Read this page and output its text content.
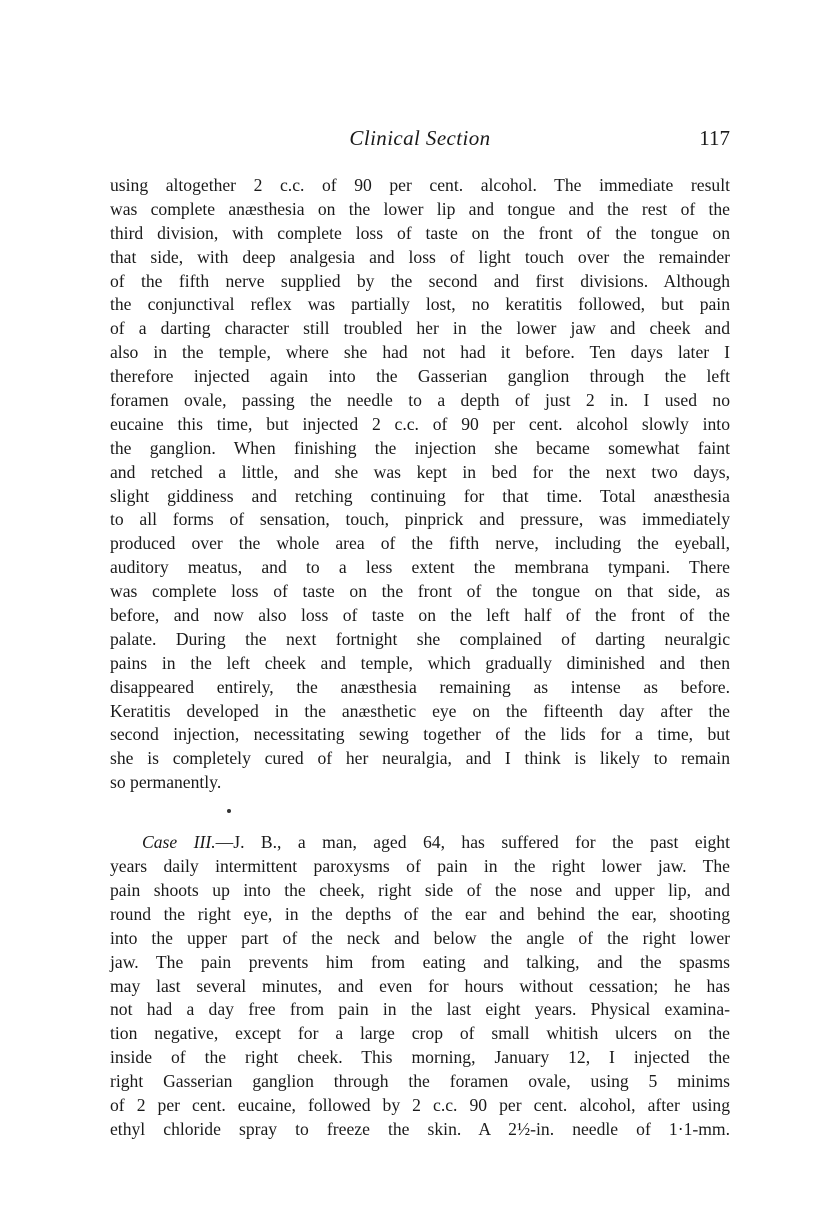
Clinical Section	117
using altogether 2 c.c. of 90 per cent. alcohol. The immediate result
was complete anæsthesia on the lower lip and tongue and the rest of the
third division, with complete loss of taste on the front of the tongue on
that side, with deep analgesia and loss of light touch over the remainder
of the fifth nerve supplied by the second and first divisions. Although
the conjunctival reflex was partially lost, no keratitis followed, but pain
of a darting character still troubled her in the lower jaw and cheek and
also in the temple, where she had not had it before. Ten days later I
therefore injected again into the Gasserian ganglion through the left
foramen ovale, passing the needle to a depth of just 2 in. I used no
eucaine this time, but injected 2 c.c. of 90 per cent. alcohol slowly into
the ganglion. When finishing the injection she became somewhat faint
and retched a little, and she was kept in bed for the next two days,
slight giddiness and retching continuing for that time. Total anæsthesia
to all forms of sensation, touch, pinprick and pressure, was immediately
produced over the whole area of the fifth nerve, including the eyeball,
auditory meatus, and to a less extent the membrana tympani. There
was complete loss of taste on the front of the tongue on that side, as
before, and now also loss of taste on the left half of the front of the
palate. During the next fortnight she complained of darting neuralgic
pains in the left cheek and temple, which gradually diminished and then
disappeared entirely, the anæsthesia remaining as intense as before.
Keratitis developed in the anæsthetic eye on the fifteenth day after the
second injection, necessitating sewing together of the lids for a time, but
she is completely cured of her neuralgia, and I think is likely to remain
so permanently.
Case III.—J. B., a man, aged 64, has suffered for the past eight
years daily intermittent paroxysms of pain in the right lower jaw. The
pain shoots up into the cheek, right side of the nose and upper lip, and
round the right eye, in the depths of the ear and behind the ear, shooting
into the upper part of the neck and below the angle of the right lower
jaw. The pain prevents him from eating and talking, and the spasms
may last several minutes, and even for hours without cessation; he has
not had a day free from pain in the last eight years. Physical examina-
tion negative, except for a large crop of small whitish ulcers on the
inside of the right cheek. This morning, January 12, I injected the
right Gasserian ganglion through the foramen ovale, using 5 minims
of 2 per cent. eucaine, followed by 2 c.c. 90 per cent. alcohol, after using
ethyl chloride spray to freeze the skin. A 2½-in. needle of 1·1-mm.
